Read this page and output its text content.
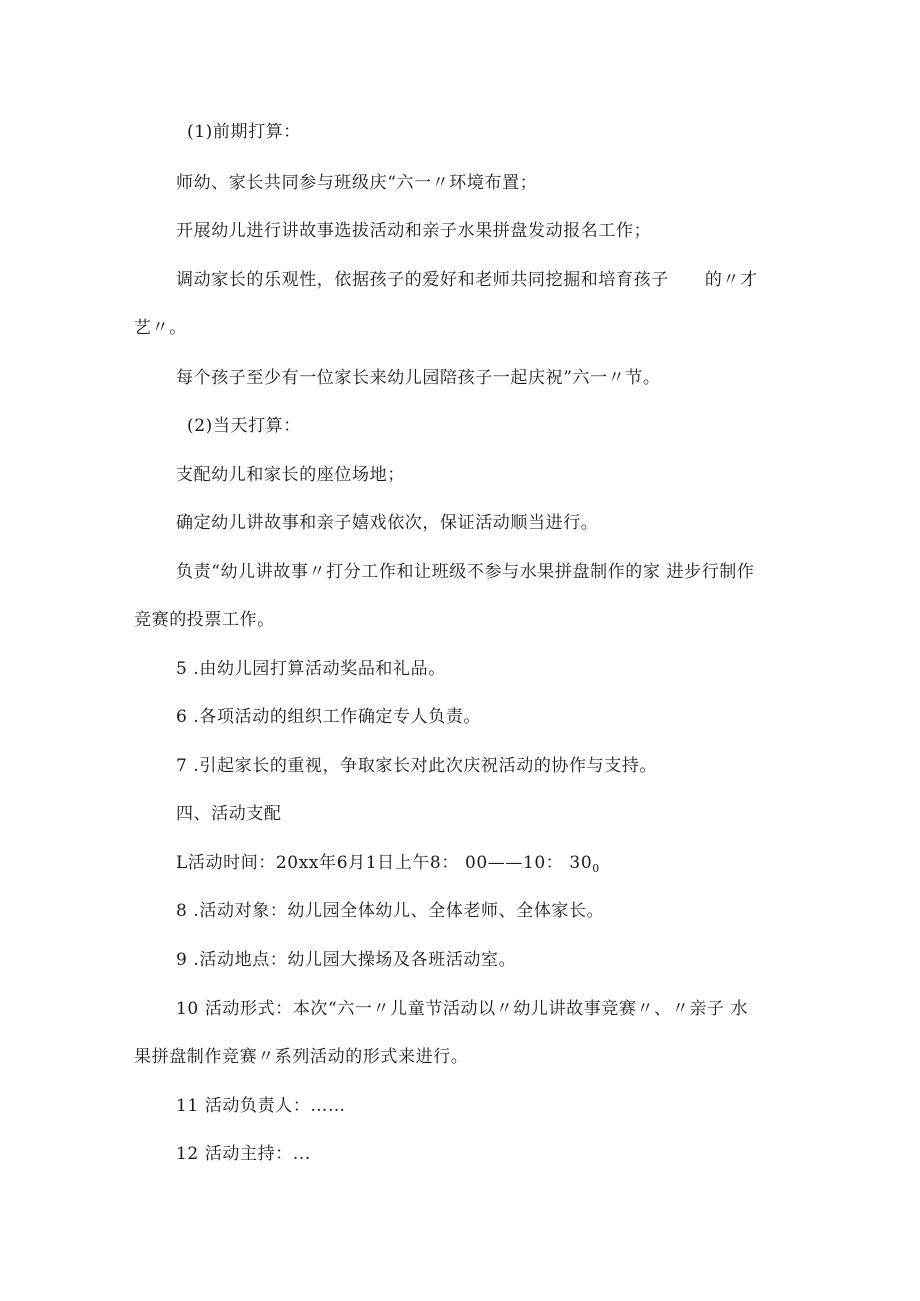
(1)前期打算：
师幼、家长共同参与班级庆“六一〃环境布置；
开展幼儿进行讲故事选拔活动和亲子水果拼盘发动报名工作；
调动家长的乐观性，依据孩子的爱好和老师共同挖掘和培育孩子 的〃才
艺〃。
每个孩子至少有一位家长来幼儿园陪孩子一起庆祝”六一〃节。
(2)当天打算：
支配幼儿和家长的座位场地；
确定幼儿讲故事和亲子嬉戏依次，保证活动顺当进行。
负责“幼儿讲故事〃打分工作和让班级不参与水果拼盘制作的家 进步行制作
竞赛的投票工作。
5 .由幼儿园打算活动奖品和礼品。
6 .各项活动的组织工作确定专人负责。
7 .引起家长的重视，争取家长对此次庆祝活动的协作与支持。
四、活动支配
L活动时间：20xx年6月1日上午8： 00——10： $30_0$
8 .活动对象：幼儿园全体幼儿、全体老师、全体家长。
9 .活动地点：幼儿园大操场及各班活动室。
10 活动形式：本次“六一〃儿童节活动以〃幼儿讲故事竞赛〃、〃亲子 水
果拼盘制作竞赛〃系列活动的形式来进行。
11 活动负责人：……
12 活动主持：...
